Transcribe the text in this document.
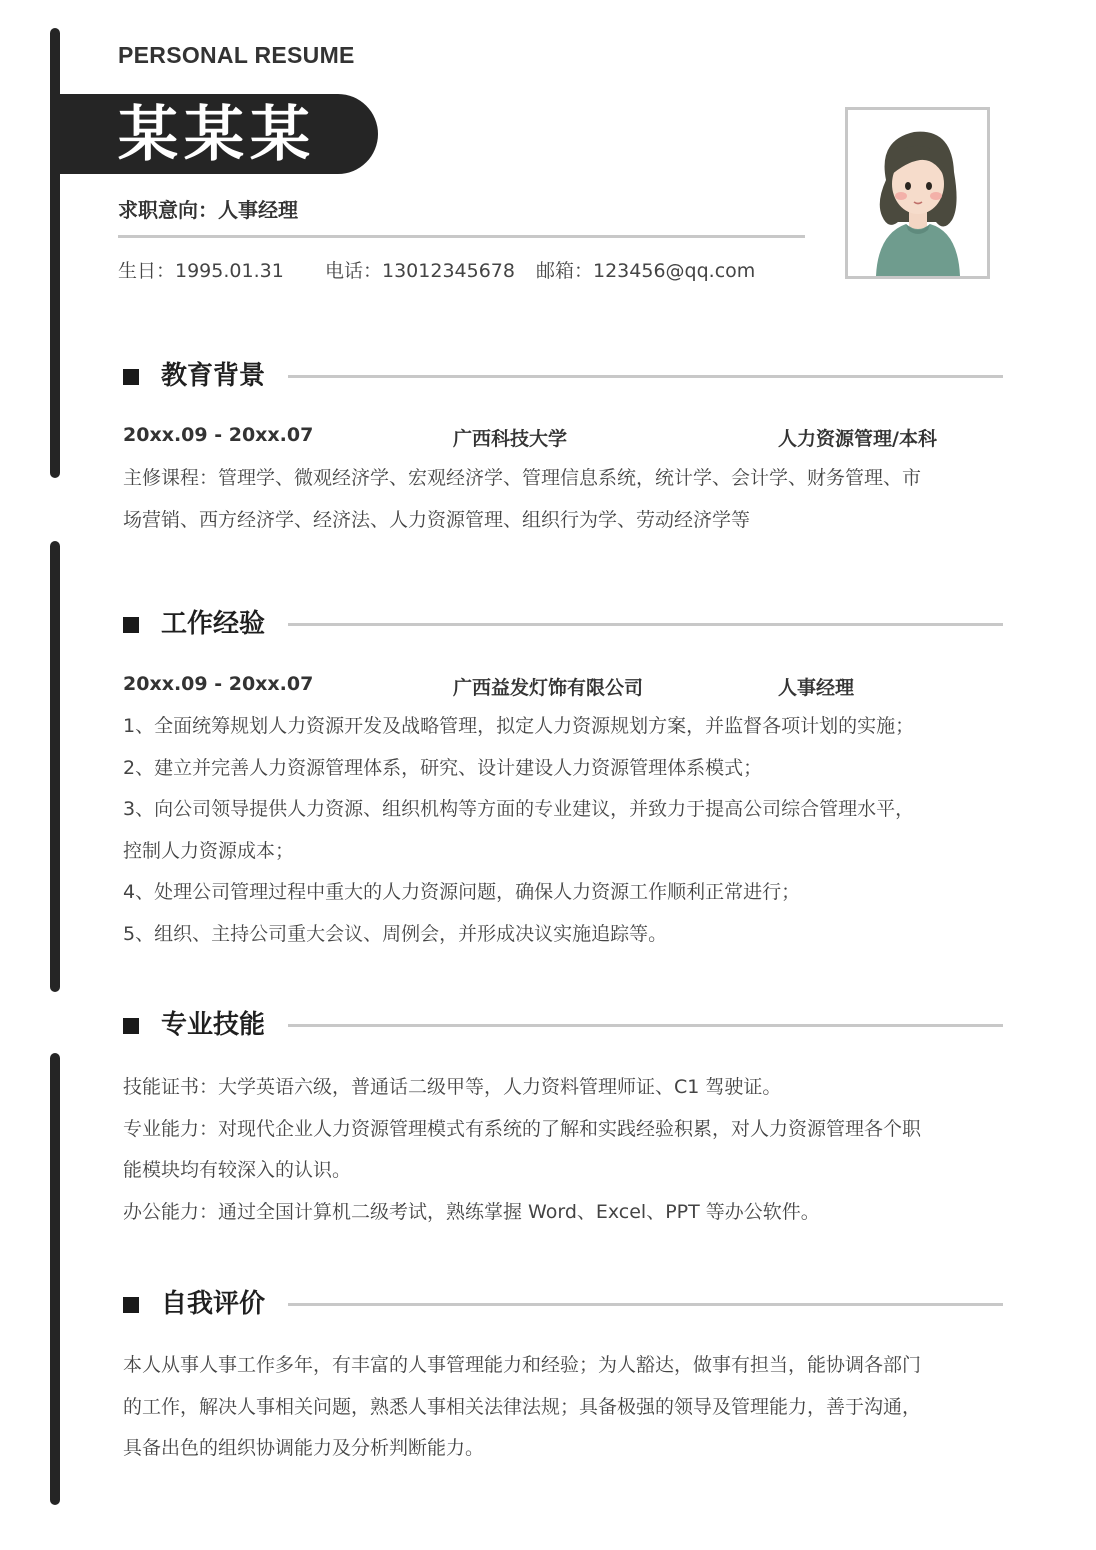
PERSONAL RESUME
某某某
求职意向：人事经理
生日：1995.01.31 电话：13012345678 邮箱：123456@qq.com
教育背景
20xx.09 - 20xx.07	广西科技大学	人力资源管理/本科
主修课程：管理学、微观经济学、宏观经济学、管理信息系统，统计学、会计学、财务管理、市
场营销、西方经济学、经济法、人力资源管理、组织行为学、劳动经济学等
工作经验
20xx.09 - 20xx.07	广西益发灯饰有限公司	人事经理
1、全面统筹规划人力资源开发及战略管理，拟定人力资源规划方案，并监督各项计划的实施；
2、建立并完善人力资源管理体系，研究、设计建设人力资源管理体系模式；
3、向公司领导提供人力资源、组织机构等方面的专业建议，并致力于提高公司综合管理水平，
控制人力资源成本；
4、处理公司管理过程中重大的人力资源问题，确保人力资源工作顺利正常进行；
5、组织、主持公司重大会议、周例会，并形成决议实施追踪等。
专业技能
技能证书：大学英语六级，普通话二级甲等，人力资料管理师证、C1 驾驶证。
专业能力：对现代企业人力资源管理模式有系统的了解和实践经验积累，对人力资源管理各个职
能模块均有较深入的认识。
办公能力：通过全国计算机二级考试，熟练掌握 Word、Excel、PPT 等办公软件。
自我评价
本人从事人事工作多年，有丰富的人事管理能力和经验；为人豁达，做事有担当，能协调各部门
的工作，解决人事相关问题，熟悉人事相关法律法规；具备极强的领导及管理能力，善于沟通，
具备出色的组织协调能力及分析判断能力。
